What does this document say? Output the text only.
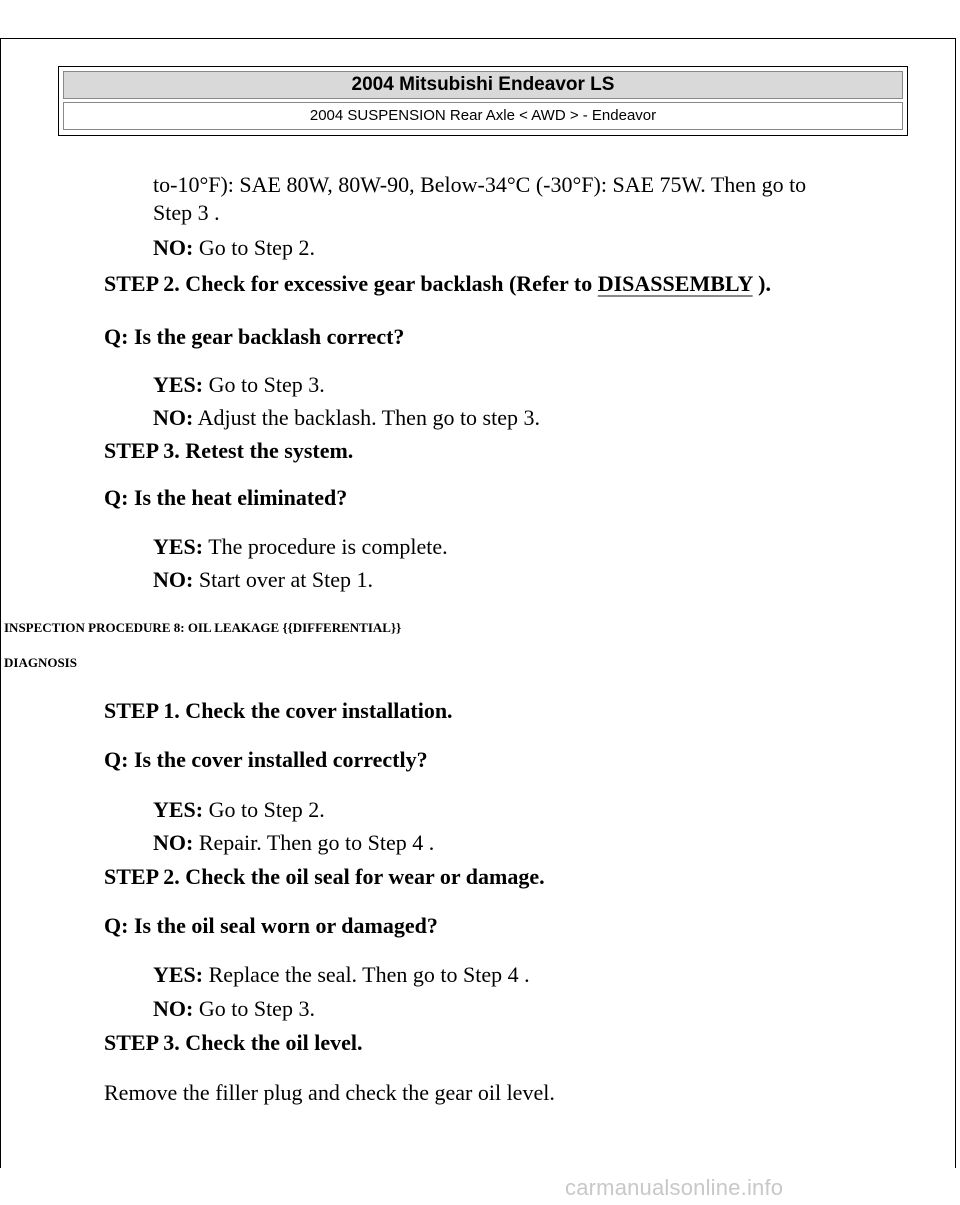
2004 Mitsubishi Endeavor LS
2004 SUSPENSION Rear Axle < AWD > - Endeavor
to-10°F): SAE 80W, 80W-90, Below-34°C (-30°F): SAE 75W. Then go to
Step 3 .
NO: Go to Step 2.
STEP 2. Check for excessive gear backlash (Refer to DISASSEMBLY ).
Q: Is the gear backlash correct?
YES: Go to Step 3.
NO: Adjust the backlash. Then go to step 3.
STEP 3. Retest the system.
Q: Is the heat eliminated?
YES: The procedure is complete.
NO: Start over at Step 1.
INSPECTION PROCEDURE 8: OIL LEAKAGE {{DIFFERENTIAL}}
DIAGNOSIS
STEP 1. Check the cover installation.
Q: Is the cover installed correctly?
YES: Go to Step 2.
NO: Repair. Then go to Step 4 .
STEP 2. Check the oil seal for wear or damage.
Q: Is the oil seal worn or damaged?
YES: Replace the seal. Then go to Step 4 .
NO: Go to Step 3.
STEP 3. Check the oil level.
Remove the filler plug and check the gear oil level.
carmanualsonline.info
